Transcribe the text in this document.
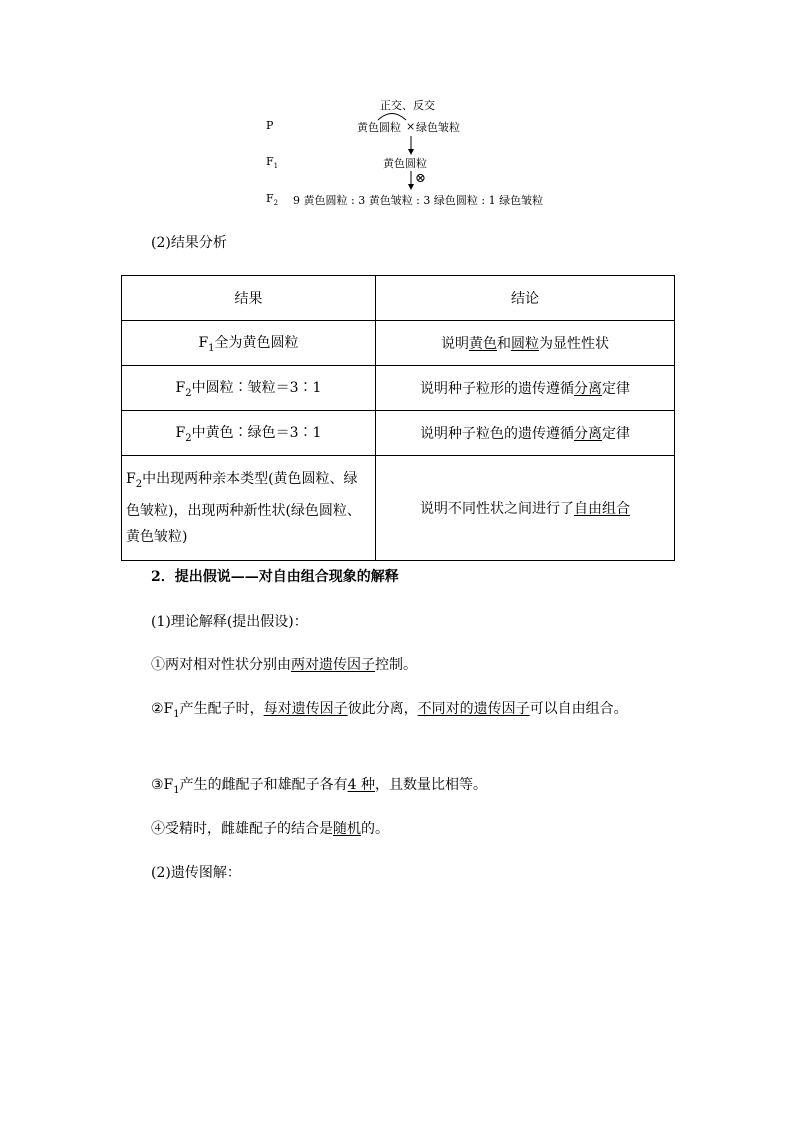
正交、反交
P	黄色圆粒 × 绿色皱粒
$F_1$	黄色圆粒
⊗
$F_2$ 9 黄色圆粒 : 3 黄色皱粒 : 3 绿色圆粒 : 1 绿色皱粒
(2)结果分析
结果	结论
$F_1$全为黄色圆粒	说明黄色和圆粒为显性性状
$F_2$中圆粒∶皱粒＝3∶1	说明种子粒形的遗传遵循分离定律
$F_2$中黄色∶绿色＝3∶1	说明种子粒色的遗传遵循分离定律
$F_2$中出现两种亲本类型(黄色圆粒、绿色皱粒)，出现两种新性状(绿色圆粒、黄色皱粒)	说明不同性状之间进行了自由组合
2．提出假说——对自由组合现象的解释
(1)理论解释(提出假设)：
①两对相对性状分别由两对遗传因子控制。
$②F_1$产生配子时，每对遗传因子彼此分离，不同对的遗传因子可以自由组合。
$③F_1$产生的雌配子和雄配子各有4 种，且数量比相等。
④受精时，雌雄配子的结合是随机的。
(2)遗传图解：
